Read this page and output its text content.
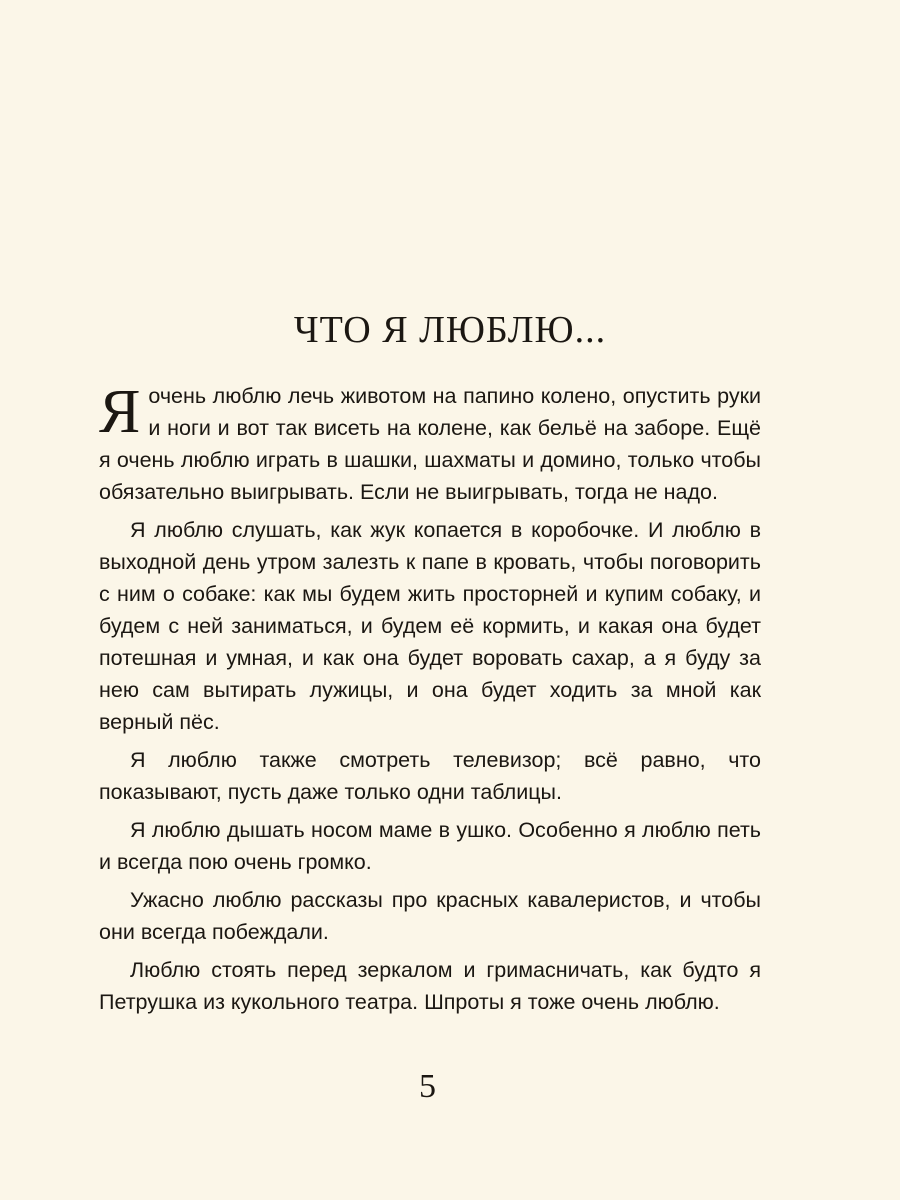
ЧТО Я ЛЮБЛЮ...

Яочень люблю лечь животом на папино колено, опустить руки и ноги и вот так висеть на колене, как бельё на заборе. Ещё я очень люблю играть в шашки, шахматы и домино, только чтобы обязательно выигрывать. Если не выигрывать, тогда не надо.

Я люблю слушать, как жук копается в коробочке. И люблю в выходной день утром залезть к папе в кровать, чтобы поговорить с ним о собаке: как мы будем жить просторней и купим собаку, и будем с ней заниматься, и будем её кормить, и какая она будет потешная и умная, и как она будет воровать сахар, а я буду за нею сам вытирать лужицы, и она будет ходить за мной как верный пёс.

Я люблю также смотреть телевизор; всё равно, что показывают, пусть даже только одни таблицы.

Я люблю дышать носом маме в ушко. Особенно я люблю петь и всегда пою очень громко.

Ужасно люблю рассказы про красных кавалеристов, и чтобы они всегда побеждали.

Люблю стоять перед зеркалом и гримасничать, как будто я Петрушка из кукольного театра. Шпроты я тоже очень люблю.

5
